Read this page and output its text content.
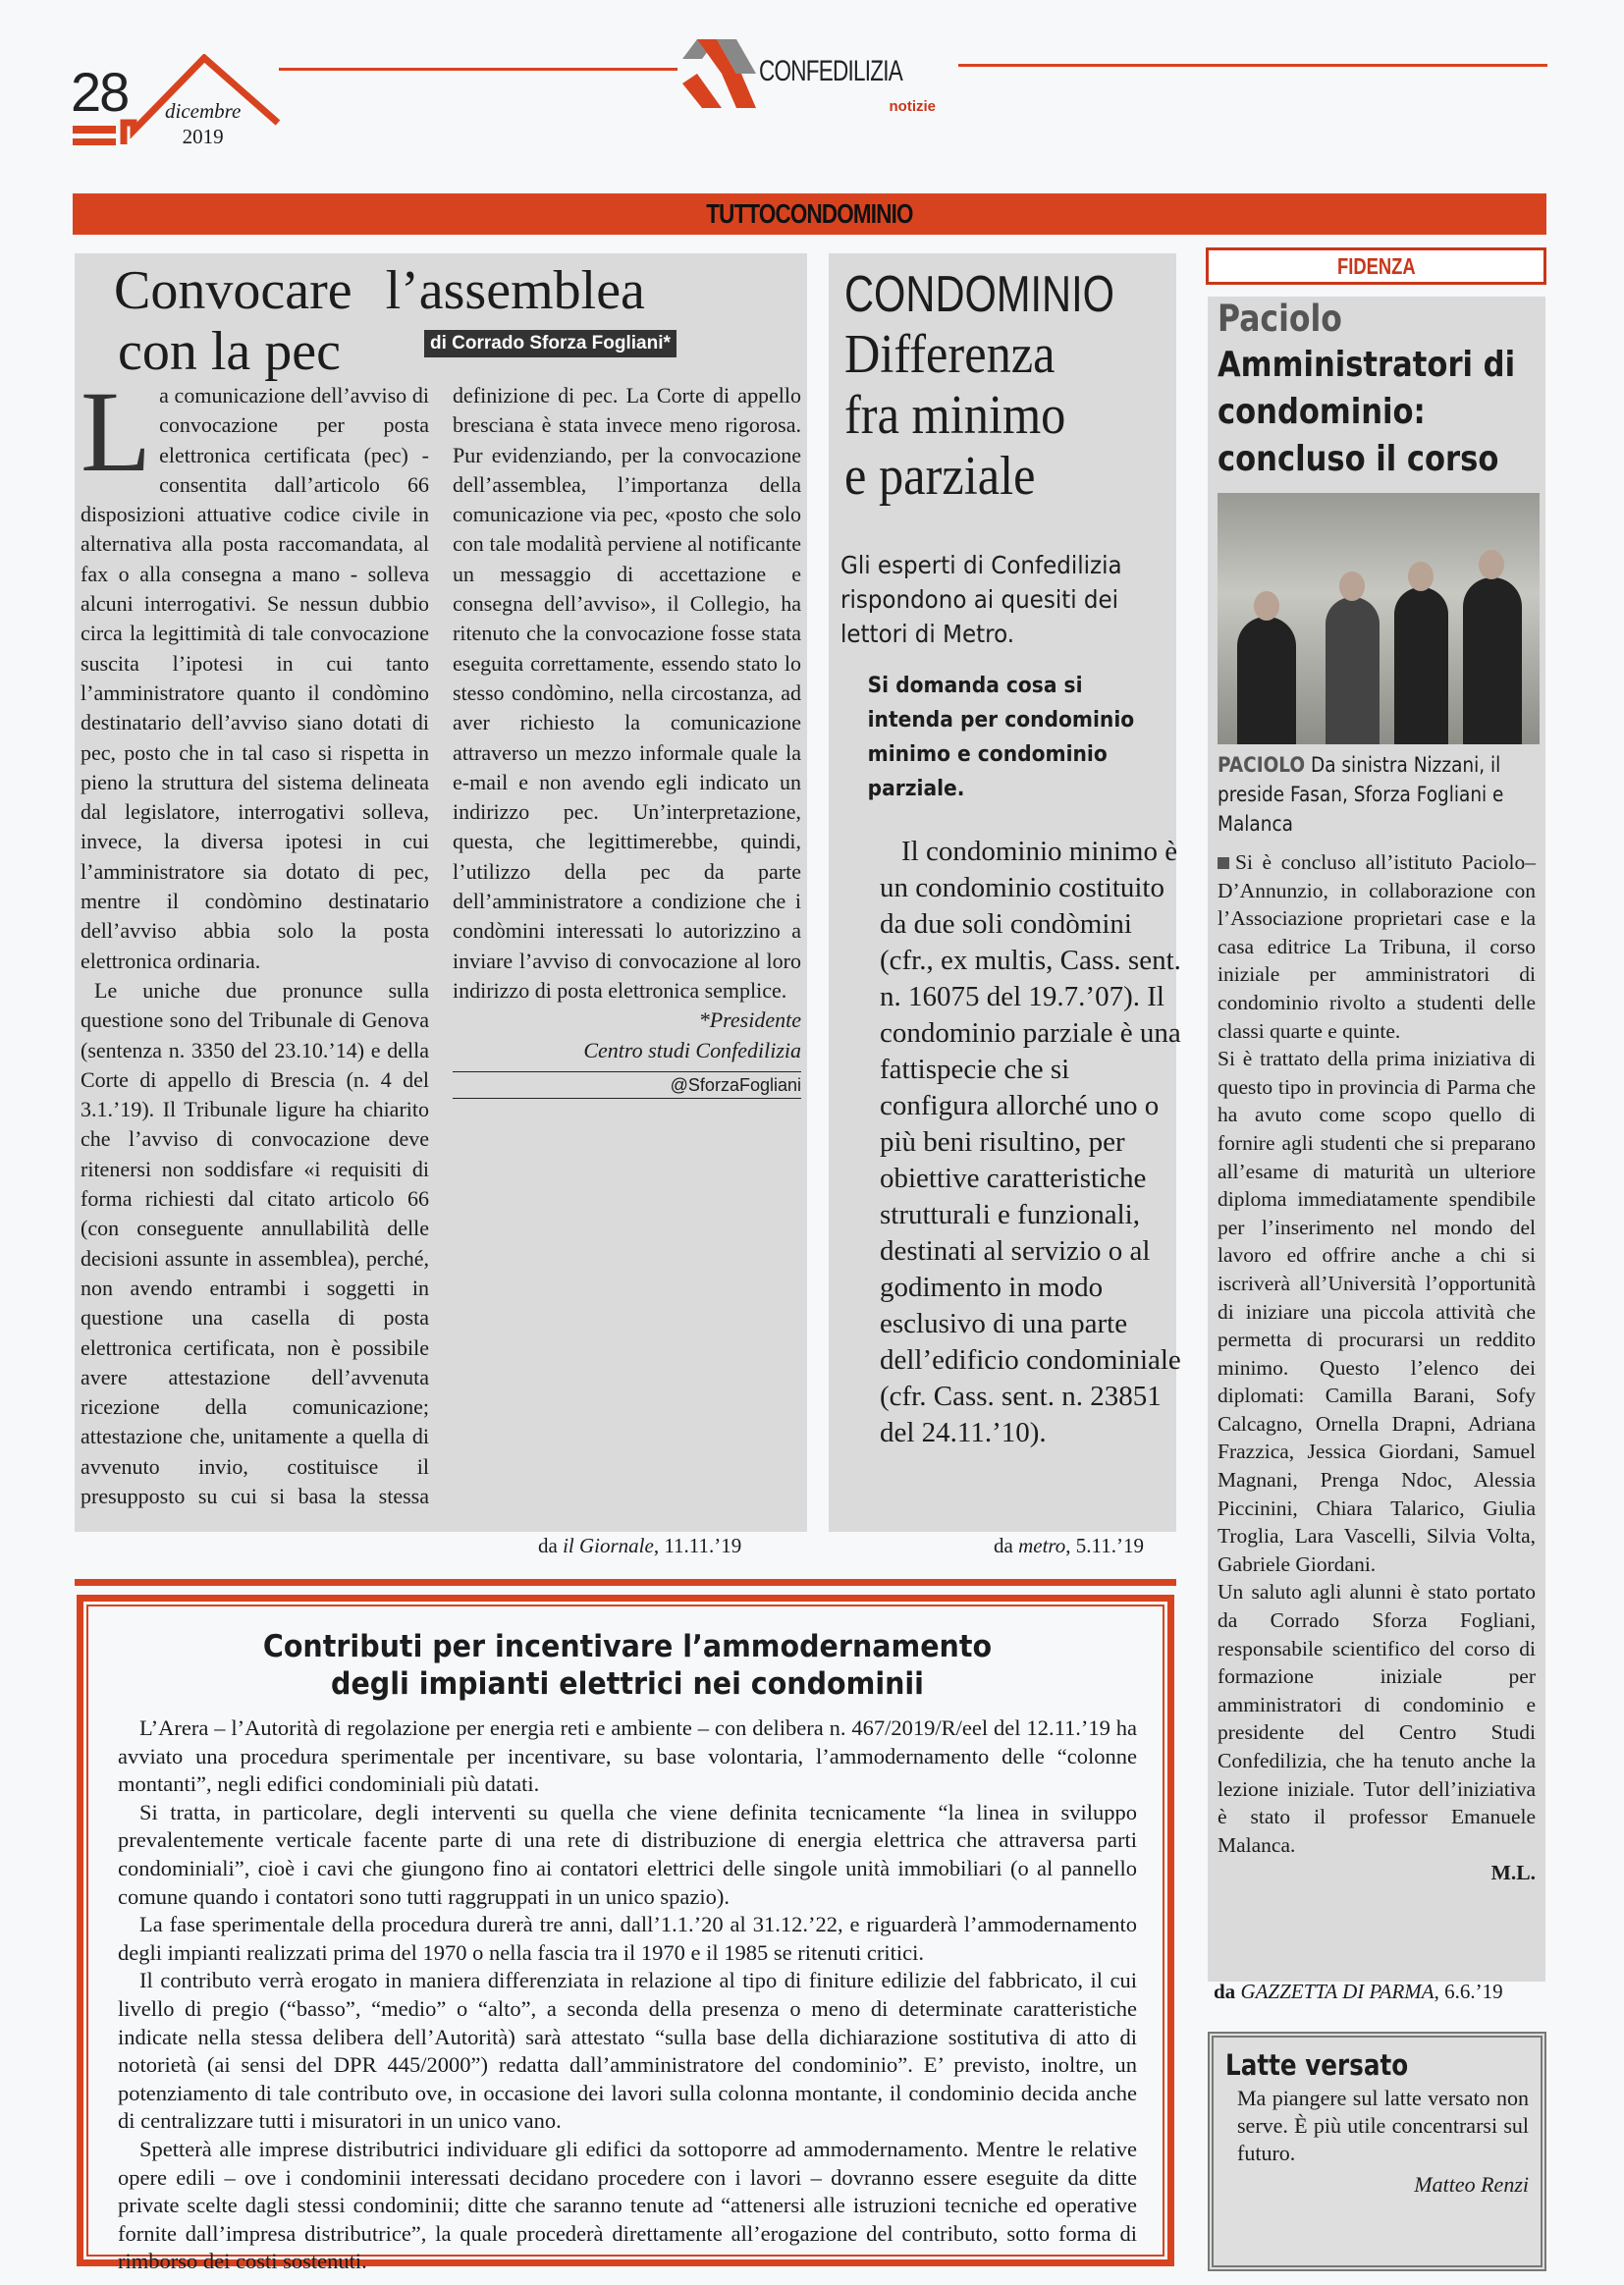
28 dicembre
2019
CONFEDILIZIA
notizie
TUTTOCONDOMINIO
Convocare l’assemblea
con la pec	di Corrado Sforza Fogliani*

La comunicazione dell’avviso di convocazione per posta elettronica certificata (pec) - consentita dall’articolo 66 disposizioni attuative codice civile in alternativa alla posta raccomandata, al fax o alla consegna a mano - solleva alcuni interrogativi. Se nessun dubbio circa la legittimità di tale convocazione suscita l’ipotesi in cui tanto l’amministratore quanto il condòmino destinatario dell’avviso siano dotati di pec, posto che in tal caso si rispetta in pieno la struttura del sistema delineata dal legislatore, interrogativi solleva, invece, la diversa ipotesi in cui l’amministratore sia dotato di pec, mentre il condòmino destinatario dell’avviso abbia solo la posta elettronica ordinaria.

Le uniche due pronunce sulla questione sono del Tribunale di Genova (sentenza n. 3350 del 23.10.’14) e della Corte di appello di Brescia (n. 4 del 3.1.’19). Il Tribunale ligure ha chiarito che l’avviso di convocazione deve ritenersi non soddisfare «i requisiti di forma richiesti dal citato articolo 66 (con conseguente annullabilità delle decisioni assunte in assemblea), perché, non avendo entrambi i soggetti in questione una casella di posta elettronica certificata, non è possibile avere attestazione dell’avvenuta ricezione della comunicazione; attestazione che, unitamente a quella di avvenuto invio, costituisce il presupposto su cui si basa la stessa definizione di pec. La Corte di appello bresciana è stata invece meno rigorosa. Pur evidenziando, per la convocazione dell’assemblea, l’importanza della comunicazione via pec, «posto che solo con tale modalità perviene al notificante un messaggio di accettazione e consegna dell’avviso», il Collegio, ha ritenuto che la convocazione fosse stata eseguita correttamente, essendo stato lo stesso condòmino, nella circostanza, ad aver richiesto la comunicazione attraverso un mezzo informale quale la e-mail e non avendo egli indicato un indirizzo pec. Un’interpretazione, questa, che legittimerebbe, quindi, l’utilizzo della pec da parte dell’amministratore a condizione che i condòmini interessati lo autorizzino a inviare l’avviso di convocazione al loro indirizzo di posta elettronica semplice.

*Presidente

Centro studi Confedilizia

@SforzaFogliani

da il Giornale, 11.11.’19
CONDOMINIO
Differenza
fra minimo
e parziale
Gli esperti di Confedilizia rispondono ai quesiti dei lettori di Metro.
Si domanda cosa si intenda per condominio minimo e condominio parziale.

Il condominio minimo è un condominio costituito da due soli condòmini (cfr., ex multis, Cass. sent. n. 16075 del 19.7.’07). Il condominio parziale è una fattispecie che si configura allorché uno o più beni risultino, per obiettive caratteristiche strutturali e funzionali, destinati al servizio o al godimento in modo esclusivo di una parte dell’edificio condominiale (cfr. Cass. sent. n. 23851 del 24.11.’10).

da metro, 5.11.’19
FIDENZA
Paciolo
Amministratori di condominio: concluso il corso
PACIOLO Da sinistra Nizzani, il preside Fasan, Sforza Fogliani e Malanca

Si è concluso all’istituto Paciolo–D’Annunzio, in collaborazione con l’Associazione proprietari case e la casa editrice La Tribuna, il corso iniziale per amministratori di condominio rivolto a studenti delle classi quarte e quinte.

Si è trattato della prima iniziativa di questo tipo in provincia di Parma che ha avuto come scopo quello di fornire agli studenti che si preparano all’esame di maturità un ulteriore diploma immediatamente spendibile per l’inserimento nel mondo del lavoro ed offrire anche a chi si iscriverà all’Università l’opportunità di iniziare una piccola attività che permetta di procurarsi un reddito minimo. Questo l’elenco dei diplomati: Camilla Barani, Sofy Calcagno, Ornella Drapni, Adriana Frazzica, Jessica Giordani, Samuel Magnani, Prenga Ndoc, Alessia Piccinini, Chiara Talarico, Giulia Troglia, Lara Vascelli, Silvia Volta, Gabriele Giordani.

Un saluto agli alunni è stato portato da Corrado Sforza Fogliani, responsabile scientifico del corso di formazione iniziale per amministratori di condominio e presidente del Centro Studi Confedilizia, che ha tenuto anche la lezione iniziale. Tutor dell’iniziativa è stato il professor Emanuele Malanca.

M.L.

da GAZZETTA DI PARMA, 6.6.’19
Latte versato

Ma piangere sul latte versato non serve. È più utile concentrarsi sul futuro.

Matteo Renzi

Contributi per incentivare l’ammodernamento
degli impianti elettrici nei condominii

L’Arera – l’Autorità di regolazione per energia reti e ambiente – con delibera n. 467/2019/R/eel del 12.11.’19 ha avviato una procedura sperimentale per incentivare, su base volontaria, l’ammodernamento delle “colonne montanti”, negli edifici condominiali più datati.

Si tratta, in particolare, degli interventi su quella che viene definita tecnicamente “la linea in sviluppo prevalentemente verticale facente parte di una rete di distribuzione di energia elettrica che attraversa parti condominiali”, cioè i cavi che giungono fino ai contatori elettrici delle singole unità immobiliari (o al pannello comune quando i contatori sono tutti raggruppati in un unico spazio).

La fase sperimentale della procedura durerà tre anni, dall’1.1.’20 al 31.12.’22, e riguarderà l’ammodernamento degli impianti realizzati prima del 1970 o nella fascia tra il 1970 e il 1985 se ritenuti critici.

Il contributo verrà erogato in maniera differenziata in relazione al tipo di finiture edilizie del fabbricato, il cui livello di pregio (“basso”, “medio” o “alto”, a seconda della presenza o meno di determinate caratteristiche indicate nella stessa delibera dell’Autorità) sarà attestato “sulla base della dichiarazione sostitutiva di atto di notorietà (ai sensi del DPR 445/2000”) redatta dall’amministratore del condominio”. E’ previsto, inoltre, un potenziamento di tale contributo ove, in occasione dei lavori sulla colonna montante, il condominio decida anche di centralizzare tutti i misuratori in un unico vano.

Spetterà alle imprese distributrici individuare gli edifici da sottoporre ad ammodernamento. Mentre le relative opere edili – ove i condominii interessati decidano procedere con i lavori – dovranno essere eseguite da ditte private scelte dagli stessi condominii; ditte che saranno tenute ad “attenersi alle istruzioni tecniche ed operative fornite dall’impresa distributrice”, la quale procederà direttamente all’erogazione del contributo, sotto forma di rimborso dei costi sostenuti.
